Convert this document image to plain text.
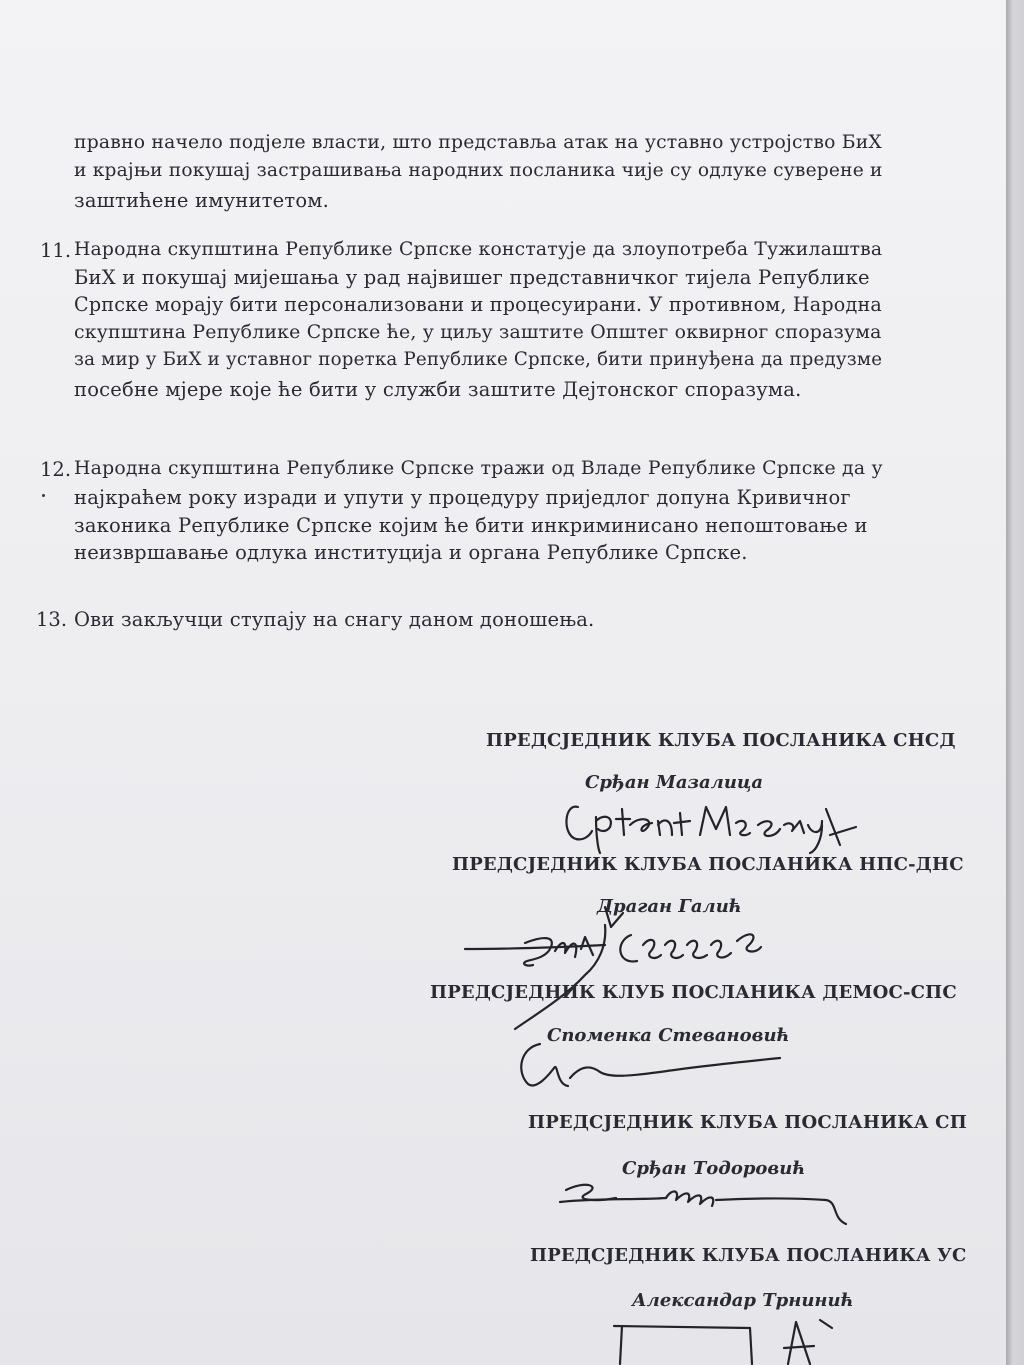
правно начело подјеле власти, што представља атак на уставно устројство БиХ
и крајњи покушај застрашивања народних посланика чије су одлуке суверене и
заштићене имунитетом.
11. Народна скупштина Републике Српске констатује да злоупотреба Тужилаштва
БиХ и покушај мијешања у рад највишег представничког тијела Републике
Српске морају бити персонализовани и процесуирани. У противном, Народна
скупштина Републике Српске ће, у циљу заштите Општег оквирног споразума
за мир у БиХ и уставног поретка Републике Српске, бити принуђена да предузме
посебне мјере које ће бити у служби заштите Дејтонског споразума.
12. Народна скупштина Републике Српске тражи од Владе Републике Српске да у
најкраћем року изради и упути у процедуру приједлог допуна Кривичног
законика Републике Српске којим ће бити инкриминисано непоштовање и
неизвршавање одлука институција и органа Републике Српске.
13. Ови закључци ступају на снагу даном доношења.
ПРЕДСЈЕДНИК КЛУБА ПОСЛАНИКА СНСД
Срђан Мазалица
ПРЕДСЈЕДНИК КЛУБА ПОСЛАНИКА НПС-ДНС
Драган Галић
ПРЕДСЈЕДНИК КЛУБ ПОСЛАНИКА ДЕМОС-СПС
Споменка Стевановић
ПРЕДСЈЕДНИК КЛУБА ПОСЛАНИКА СП
Срђан Тодоровић
ПРЕДСЈЕДНИК КЛУБА ПОСЛАНИКА УС
Александар Трнинић
